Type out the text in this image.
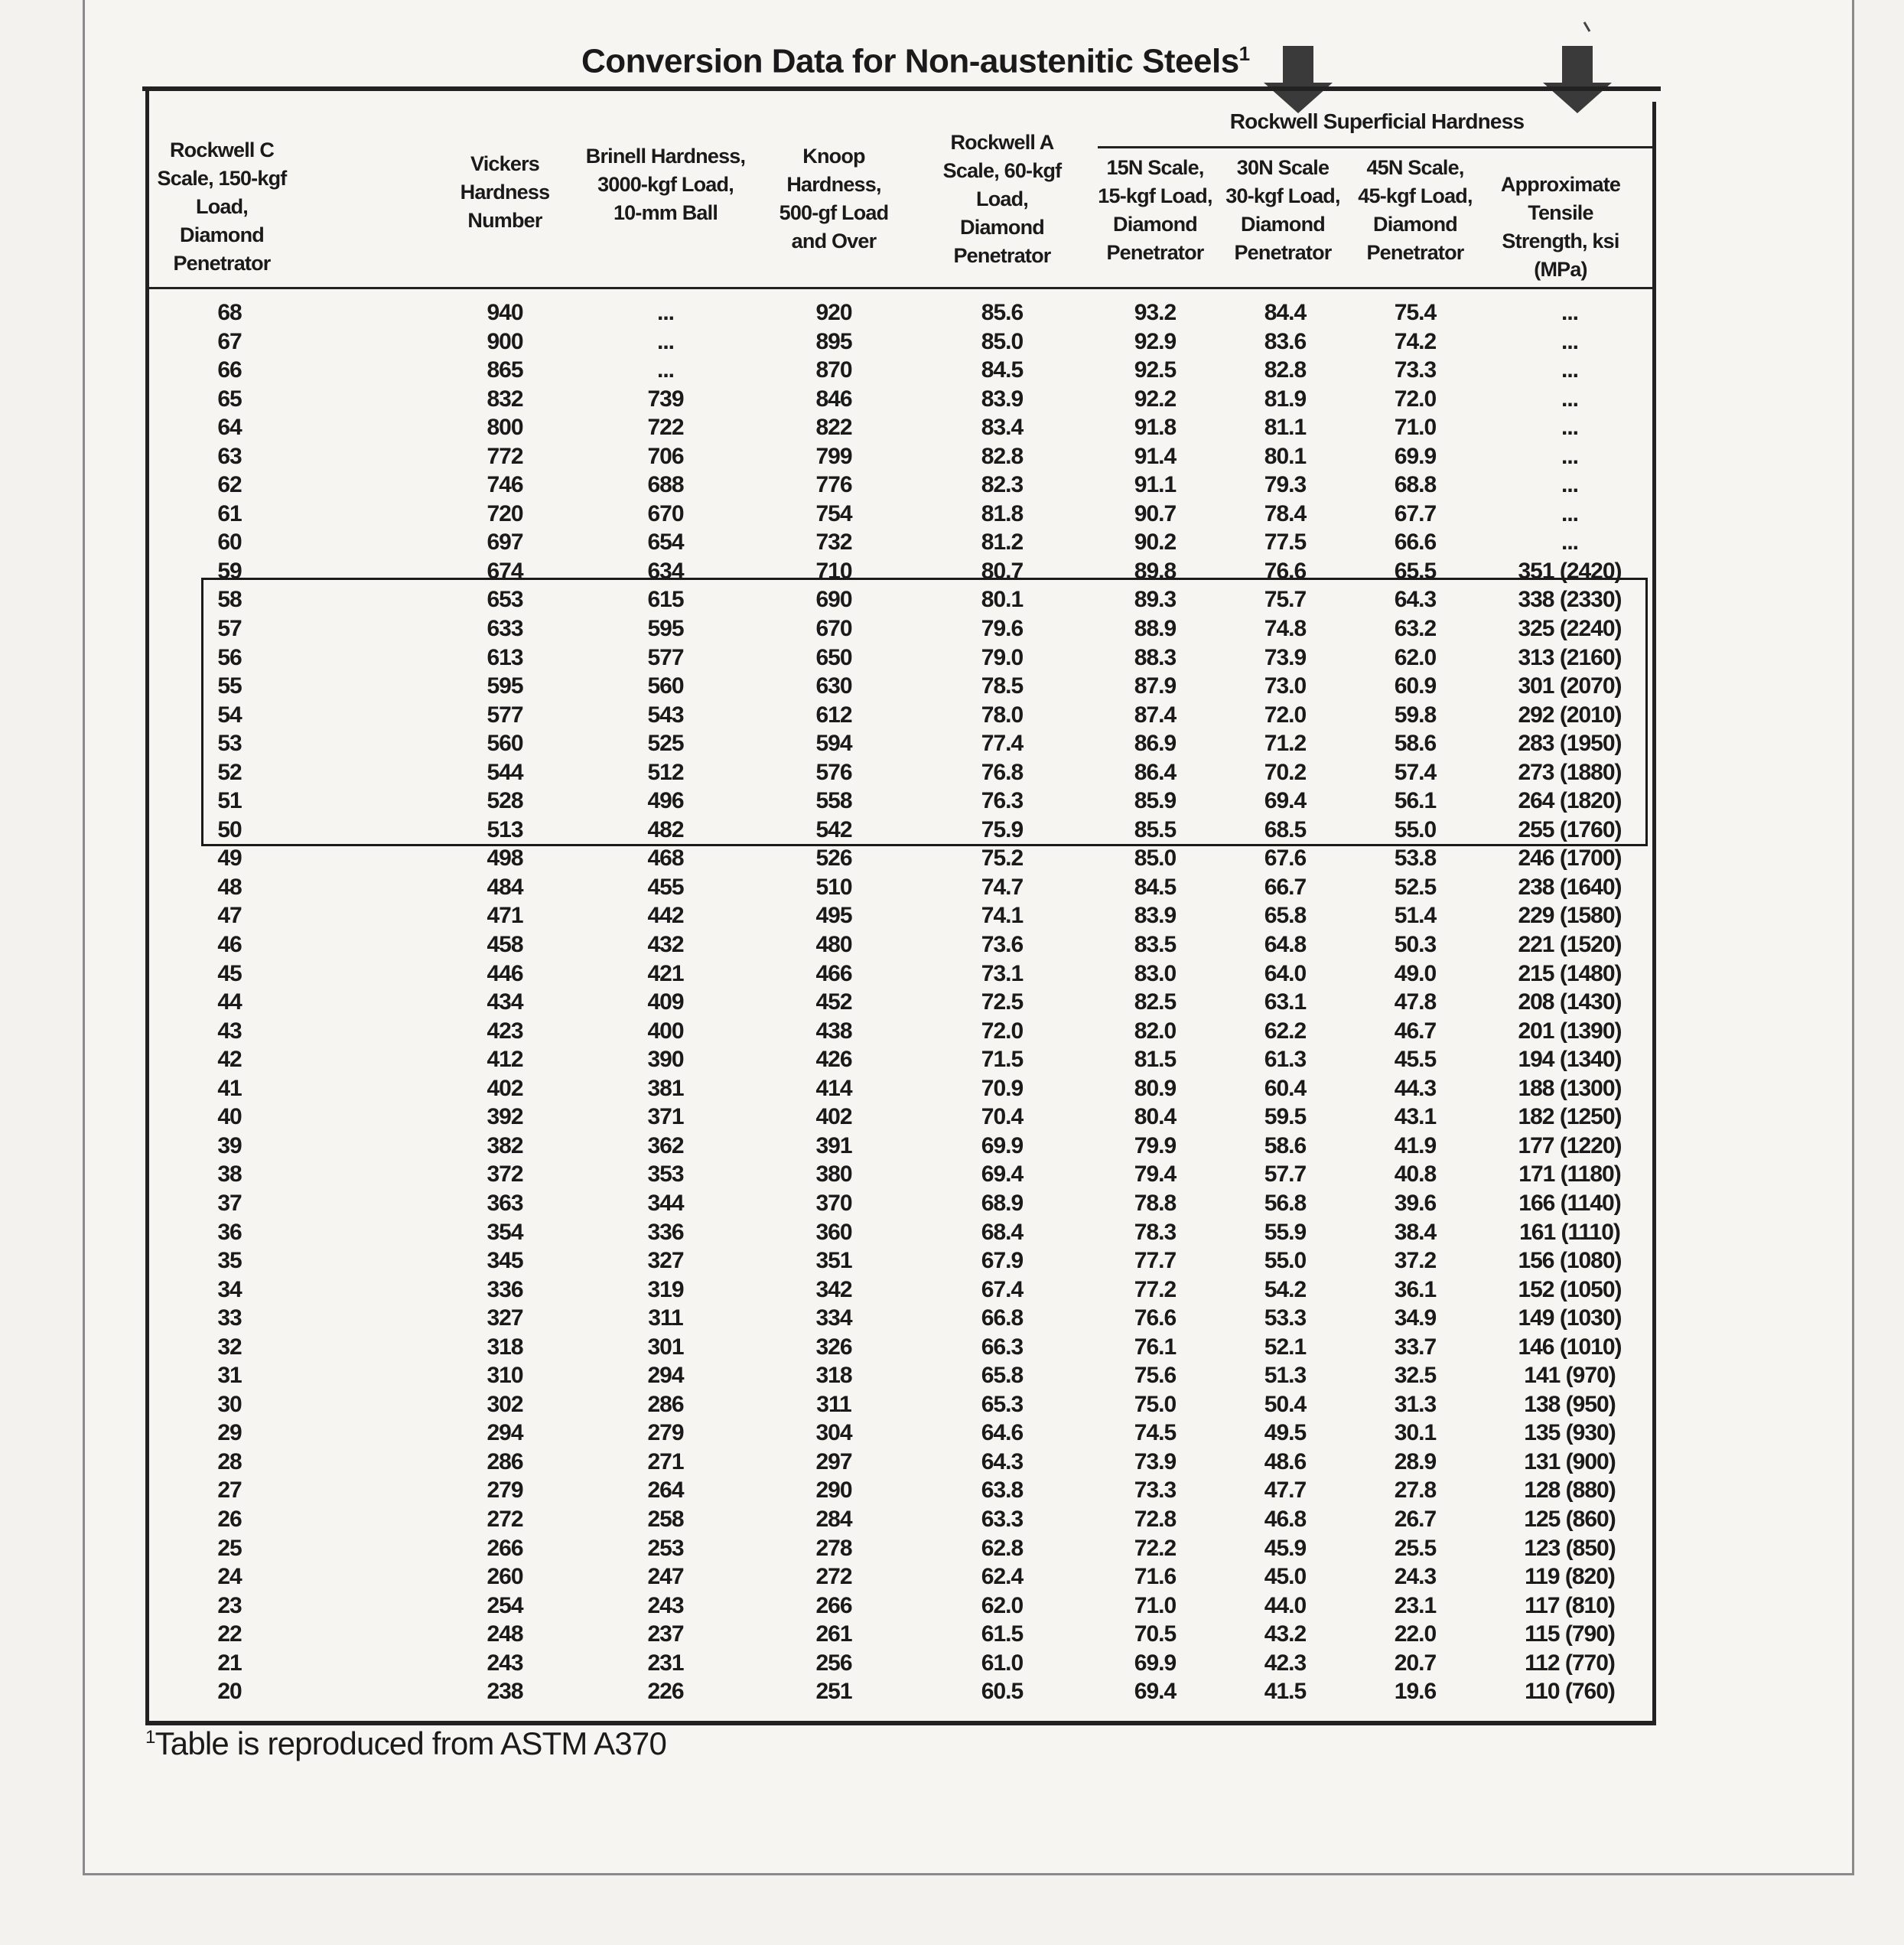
Conversion Data for Non-austenitic Steels$^1$
Rockwell Superficial Hardness
Rockwell C Scale, 150-kgf Load, Diamond Penetrator
Vickers Hardness Number
Brinell Hardness, 3000-kgf Load, 10-mm Ball
Knoop Hardness, 500-gf Load and Over
Rockwell A Scale, 60-kgf Load, Diamond Penetrator
15N Scale, 15-kgf Load, Diamond Penetrator
30N Scale 30-kgf Load, Diamond Penetrator
45N Scale, 45-kgf Load, Diamond Penetrator
Approximate Tensile Strength, ksi (MPa)
68	940	...	920	85.6	93.2	84.4	75.4	...
67	900	...	895	85.0	92.9	83.6	74.2	...
66	865	...	870	84.5	92.5	82.8	73.3	...
65	832	739	846	83.9	92.2	81.9	72.0	...
64	800	722	822	83.4	91.8	81.1	71.0	...
63	772	706	799	82.8	91.4	80.1	69.9	...
62	746	688	776	82.3	91.1	79.3	68.8	...
61	720	670	754	81.8	90.7	78.4	67.7	...
60	697	654	732	81.2	90.2	77.5	66.6	...
59	674	634	710	80.7	89.8	76.6	65.5	351 (2420)
58	653	615	690	80.1	89.3	75.7	64.3	338 (2330)
57	633	595	670	79.6	88.9	74.8	63.2	325 (2240)
56	613	577	650	79.0	88.3	73.9	62.0	313 (2160)
55	595	560	630	78.5	87.9	73.0	60.9	301 (2070)
54	577	543	612	78.0	87.4	72.0	59.8	292 (2010)
53	560	525	594	77.4	86.9	71.2	58.6	283 (1950)
52	544	512	576	76.8	86.4	70.2	57.4	273 (1880)
51	528	496	558	76.3	85.9	69.4	56.1	264 (1820)
50	513	482	542	75.9	85.5	68.5	55.0	255 (1760)
49	498	468	526	75.2	85.0	67.6	53.8	246 (1700)
48	484	455	510	74.7	84.5	66.7	52.5	238 (1640)
47	471	442	495	74.1	83.9	65.8	51.4	229 (1580)
46	458	432	480	73.6	83.5	64.8	50.3	221 (1520)
45	446	421	466	73.1	83.0	64.0	49.0	215 (1480)
44	434	409	452	72.5	82.5	63.1	47.8	208 (1430)
43	423	400	438	72.0	82.0	62.2	46.7	201 (1390)
42	412	390	426	71.5	81.5	61.3	45.5	194 (1340)
41	402	381	414	70.9	80.9	60.4	44.3	188 (1300)
40	392	371	402	70.4	80.4	59.5	43.1	182 (1250)
39	382	362	391	69.9	79.9	58.6	41.9	177 (1220)
38	372	353	380	69.4	79.4	57.7	40.8	171 (1180)
37	363	344	370	68.9	78.8	56.8	39.6	166 (1140)
36	354	336	360	68.4	78.3	55.9	38.4	161 (1110)
35	345	327	351	67.9	77.7	55.0	37.2	156 (1080)
34	336	319	342	67.4	77.2	54.2	36.1	152 (1050)
33	327	311	334	66.8	76.6	53.3	34.9	149 (1030)
32	318	301	326	66.3	76.1	52.1	33.7	146 (1010)
31	310	294	318	65.8	75.6	51.3	32.5	141 (970)
30	302	286	311	65.3	75.0	50.4	31.3	138 (950)
29	294	279	304	64.6	74.5	49.5	30.1	135 (930)
28	286	271	297	64.3	73.9	48.6	28.9	131 (900)
27	279	264	290	63.8	73.3	47.7	27.8	128 (880)
26	272	258	284	63.3	72.8	46.8	26.7	125 (860)
25	266	253	278	62.8	72.2	45.9	25.5	123 (850)
24	260	247	272	62.4	71.6	45.0	24.3	119 (820)
23	254	243	266	62.0	71.0	44.0	23.1	117 (810)
22	248	237	261	61.5	70.5	43.2	22.0	115 (790)
21	243	231	256	61.0	69.9	42.3	20.7	112 (770)
20	238	226	251	60.5	69.4	41.5	19.6	110 (760)
$^1$Table is reproduced from ASTM A370
